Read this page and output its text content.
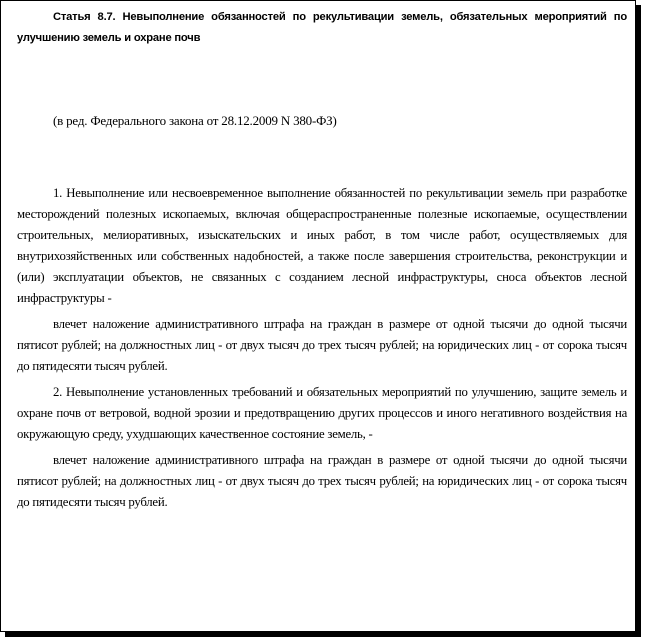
Статья 8.7. Невыполнение обязанностей по рекультивации земель, обязательных мероприятий по улучшению земель и охране почв

(в ред. Федерального закона от 28.12.2009 N 380-ФЗ)

1. Невыполнение или несвоевременное выполнение обязанностей по рекультивации земель при разработке месторождений полезных ископаемых, включая общераспространенные полезные ископаемые, осуществлении строительных, мелиоративных, изыскательских и иных работ, в том числе работ, осуществляемых для внутрихозяйственных или собственных надобностей, а также после завершения строительства, реконструкции и (или) эксплуатации объектов, не связанных с созданием лесной инфраструктуры, сноса объектов лесной инфраструктуры -

влечет наложение административного штрафа на граждан в размере от одной тысячи до одной тысячи пятисот рублей; на должностных лиц - от двух тысяч до трех тысяч рублей; на юридических лиц - от сорока тысяч до пятидесяти тысяч рублей.

2. Невыполнение установленных требований и обязательных мероприятий по улучшению, защите земель и охране почв от ветровой, водной эрозии и предотвращению других процессов и иного негативного воздействия на окружающую среду, ухудшающих качественное состояние земель, -

влечет наложение административного штрафа на граждан в размере от одной тысячи до одной тысячи пятисот рублей; на должностных лиц - от двух тысяч до трех тысяч рублей; на юридических лиц - от сорока тысяч до пятидесяти тысяч рублей.
